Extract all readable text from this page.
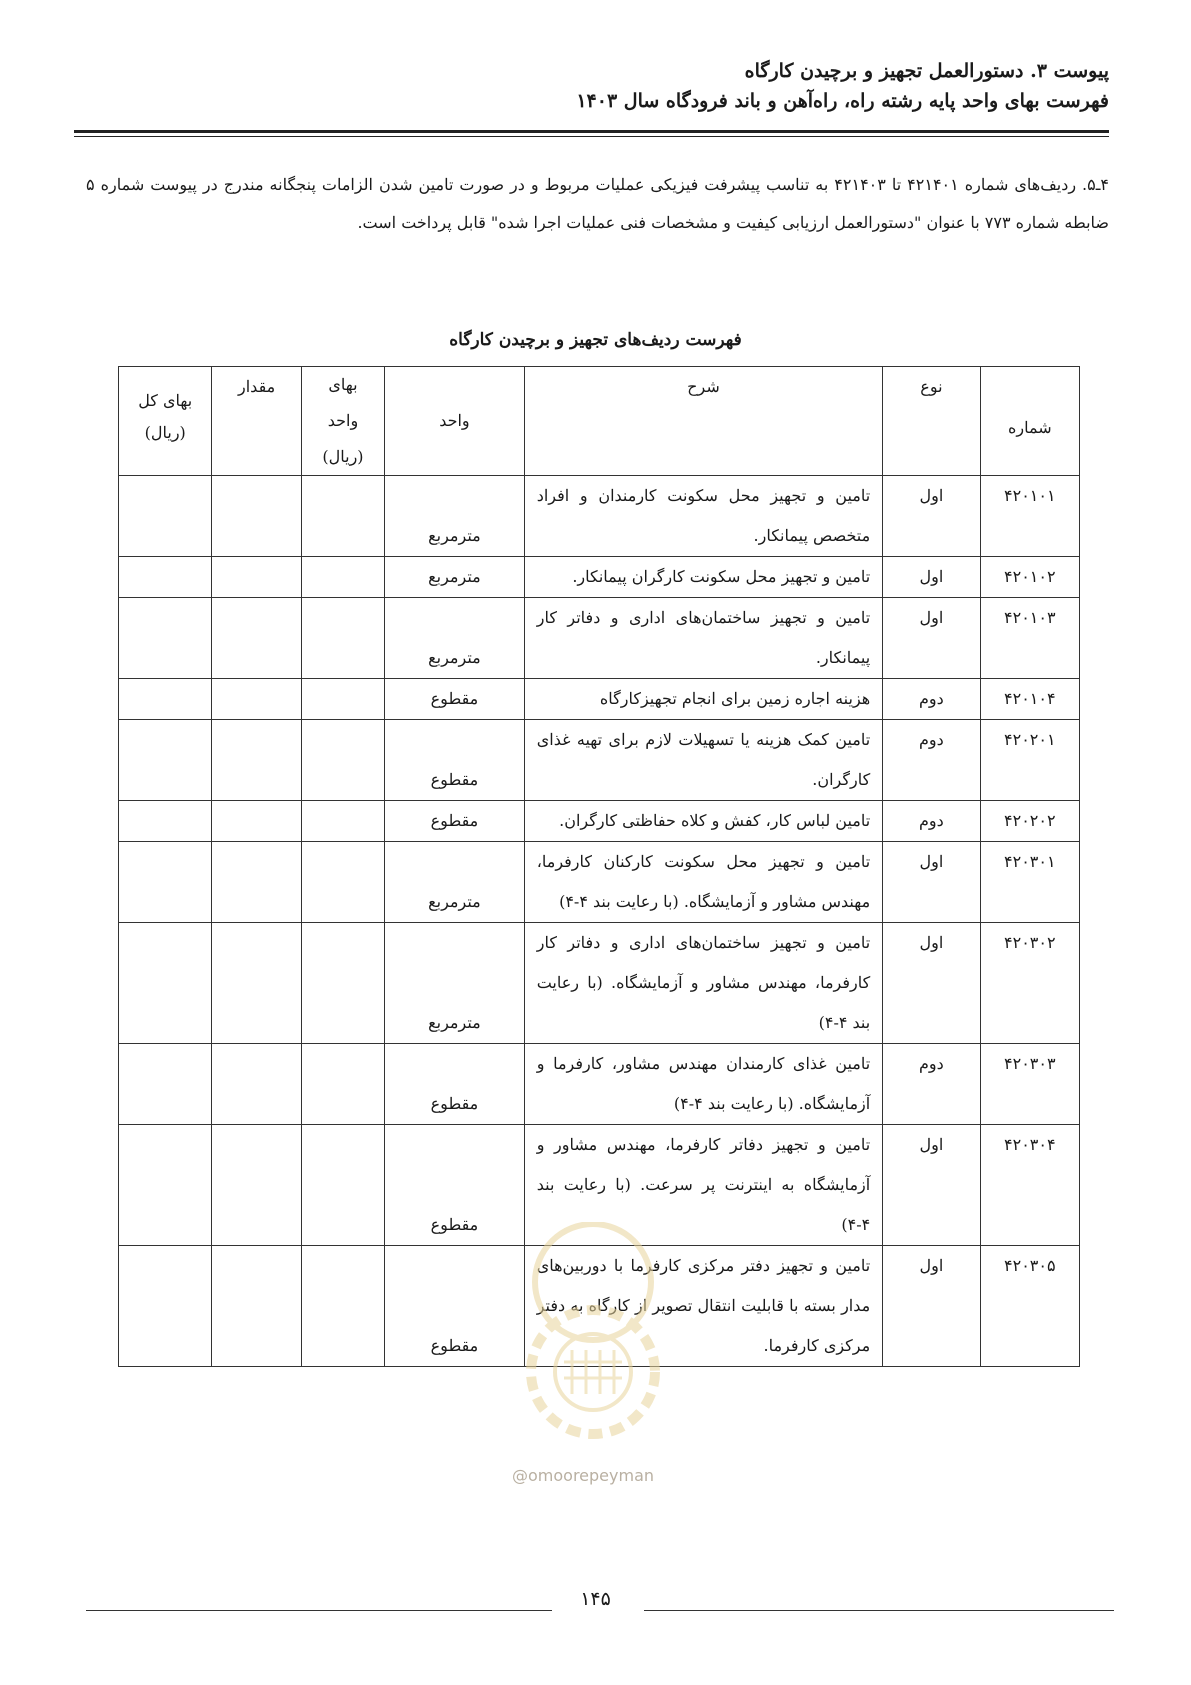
پیوست ۳. دستورالعمل تجهیز و برچیدن کارگاه
فهرست بهای واحد پایه رشته راه، راه‌آهن و باند فرودگاه سال ۱۴۰۳
۴ـ۵. ردیف‌های شماره ۴۲۱۴۰۱ تا ۴۲۱۴۰۳ به تناسب پیشرفت فیزیکی عملیات مربوط و در صورت تامین شدن الزامات پنجگانه مندرج در پیوست شماره ۵ ضابطه شماره ۷۷۳ با عنوان "دستورالعمل ارزیابی کیفیت و مشخصات فنی عملیات اجرا شده" قابل پرداخت است.
فهرست ردیف‌های تجهیز و برچیدن کارگاه
شماره	نوع	شرح	واحد	بهای واحد (ریال)	مقدار	بهای کل (ریال)
۴۲۰۱۰۱	اول	تامین و تجهیز محل سکونت کارمندان و افراد متخصص پیمانکار.	مترمربع			
۴۲۰۱۰۲	اول	تامین و تجهیز محل سکونت کارگران پیمانکار.	مترمربع			
۴۲۰۱۰۳	اول	تامین و تجهیز ساختمان‌های اداری و دفاتر کار پیمانکار.	مترمربع			
۴۲۰۱۰۴	دوم	هزینه اجاره زمین برای انجام تجهیزکارگاه	مقطوع			
۴۲۰۲۰۱	دوم	تامین کمک هزینه یا تسهیلات لازم برای تهیه غذای کارگران.	مقطوع			
۴۲۰۲۰۲	دوم	تامین لباس کار، کفش و کلاه حفاظتی کارگران.	مقطوع			
۴۲۰۳۰۱	اول	تامین و تجهیز محل سکونت کارکنان کارفرما، مهندس مشاور و آزمایشگاه. (با رعایت بند ۴-۴)	مترمربع			
۴۲۰۳۰۲	اول	تامین و تجهیز ساختمان‌های اداری و دفاتر کار کارفرما، مهندس مشاور و آزمایشگاه. (با رعایت بند ۴-۴)	مترمربع			
۴۲۰۳۰۳	دوم	تامین غذای کارمندان مهندس مشاور، کارفرما و آزمایشگاه. (با رعایت بند ۴-۴)	مقطوع			
۴۲۰۳۰۴	اول	تامین و تجهیز دفاتر کارفرما، مهندس مشاور و آزمایشگاه به اینترنت پر سرعت. (با رعایت بند ۴-۴)	مقطوع			
۴۲۰۳۰۵	اول	تامین و تجهیز دفتر مرکزی کارفرما با دوربین‌های مدار بسته با قابلیت انتقال تصویر از کارگاه به دفتر مرکزی کارفرما.	مقطوع			
@omoorepeyman
۱۴۵
